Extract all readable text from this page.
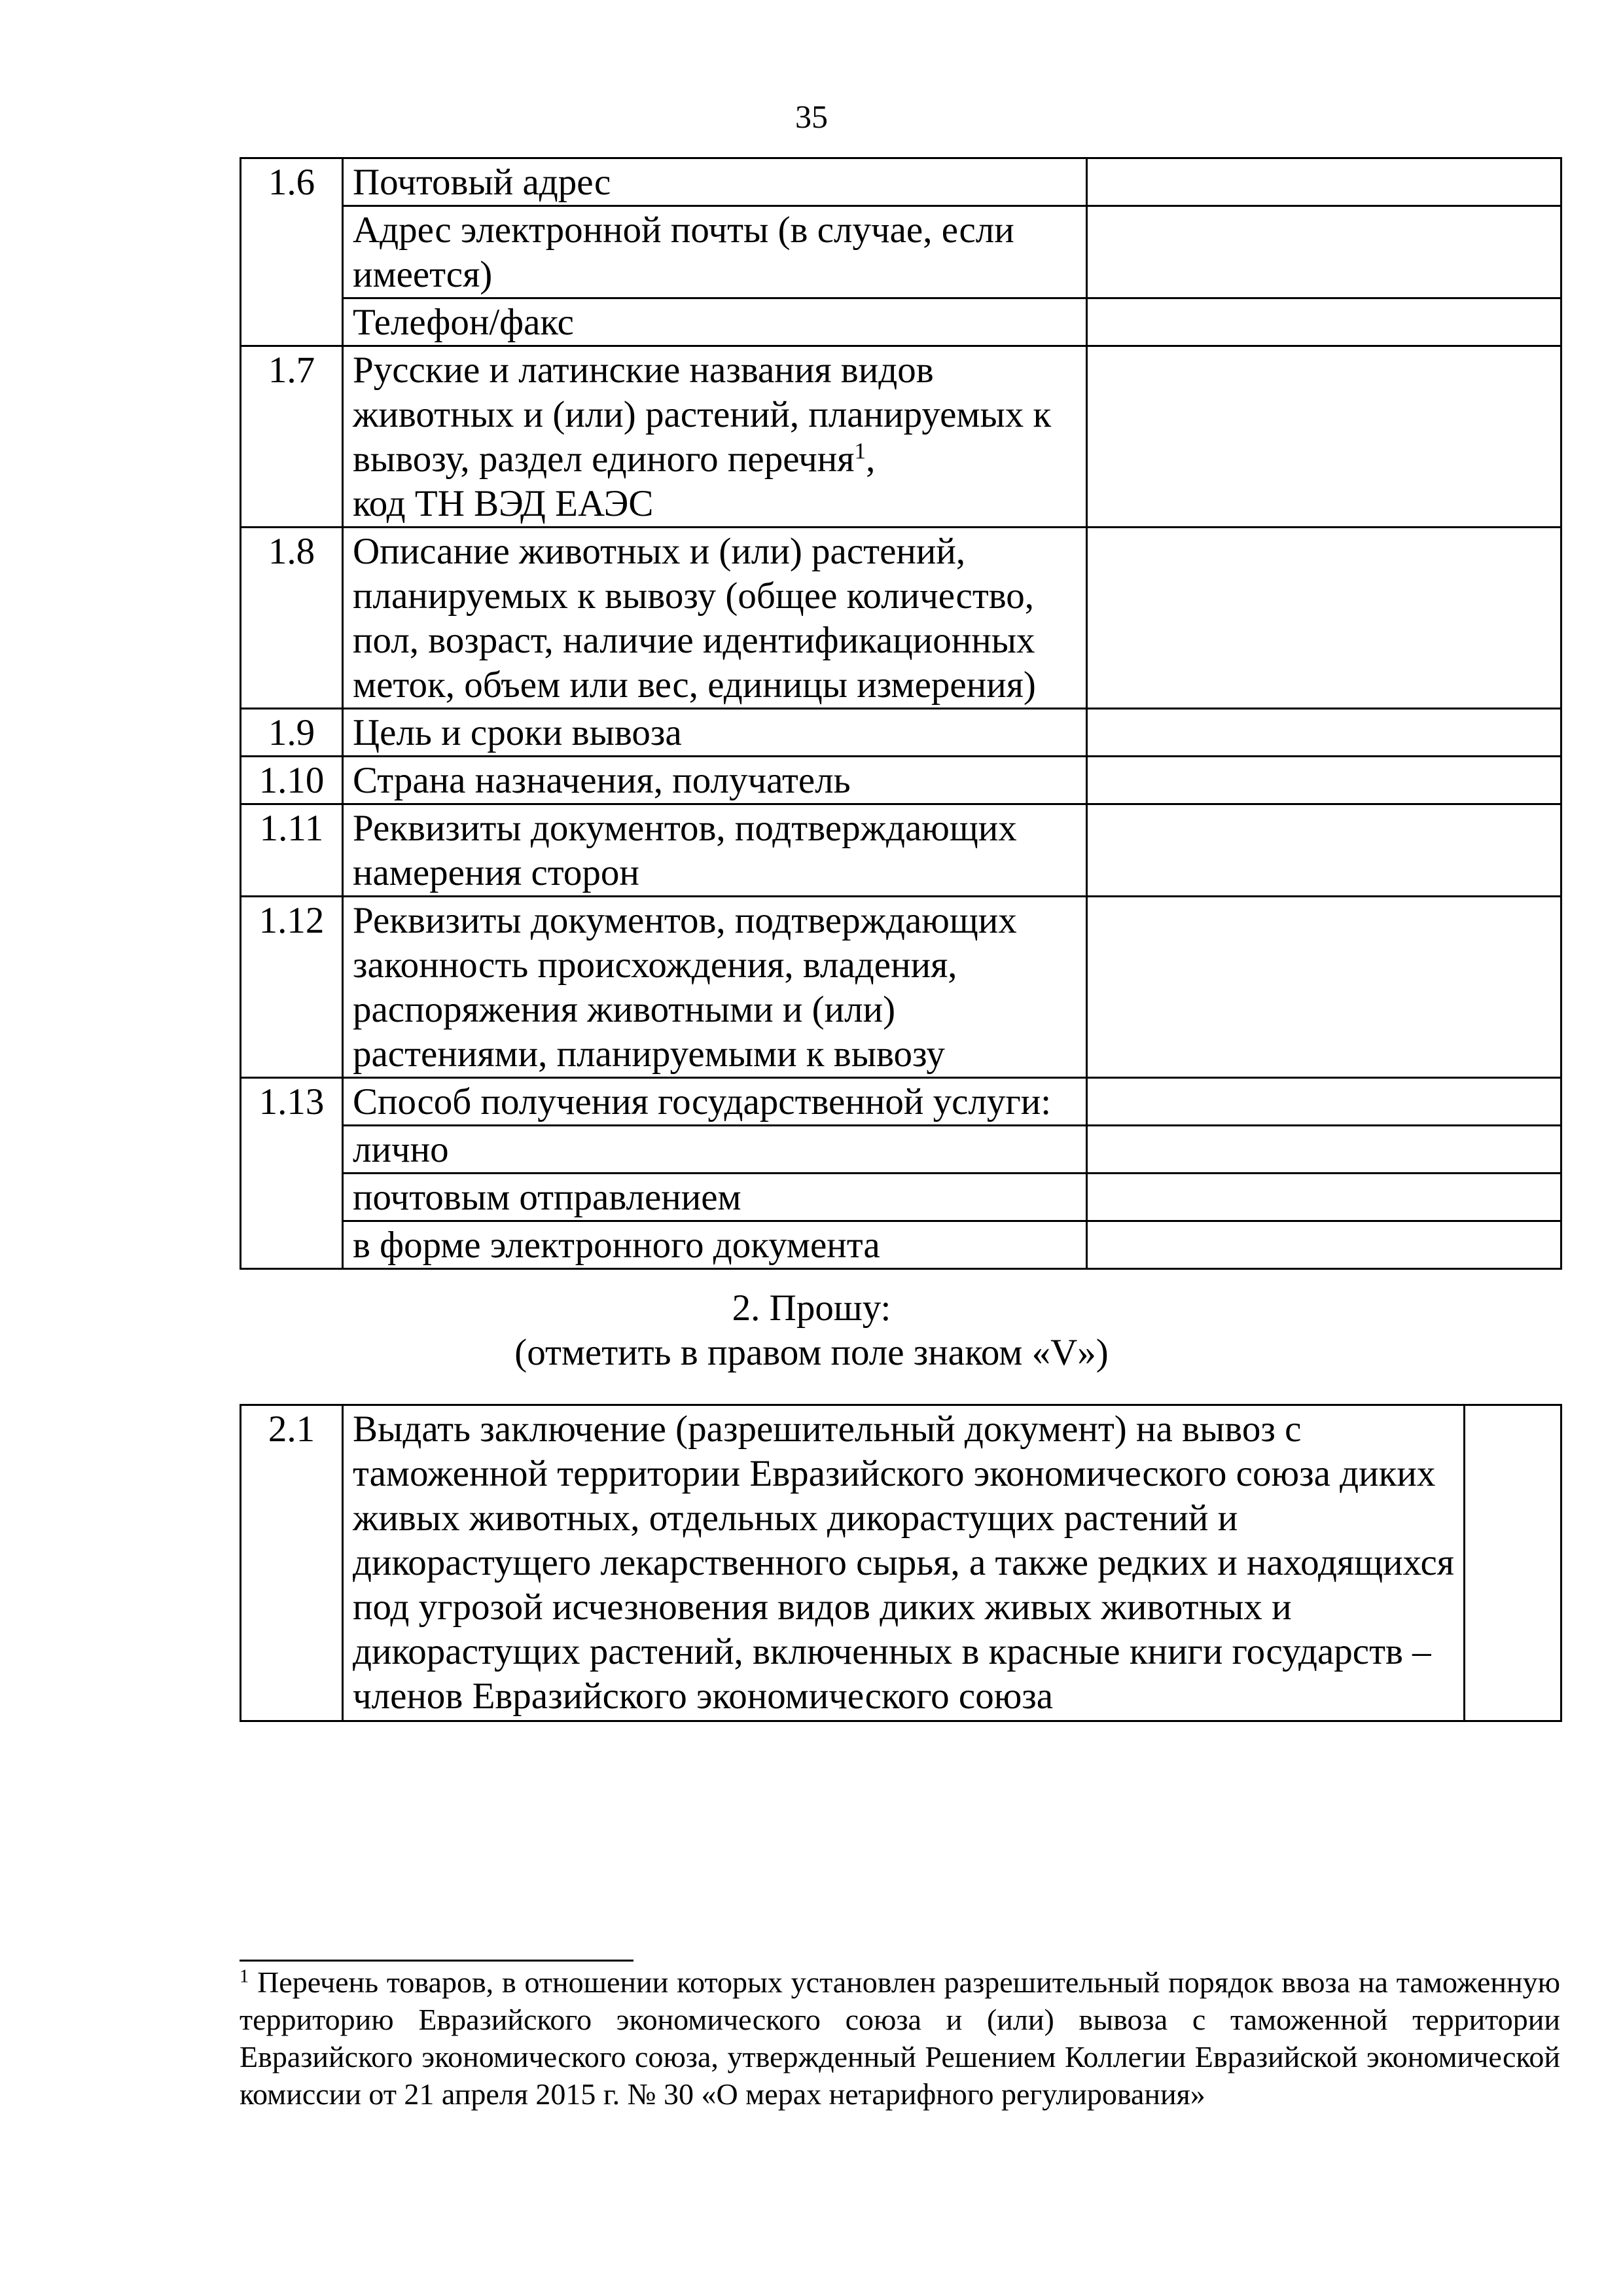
35
1.6	Почтовый адрес	
	Адрес электронной почты (в случае, если имеется)	
	Телефон/факс	
1.7	Русские и латинские названия видов животных и (или) растений, планируемых к вывозу, раздел единого перечня$^1$,
код ТН ВЭД ЕАЭС	
1.8	Описание животных и (или) растений, планируемых к вывозу (общее количество, пол, возраст, наличие идентификационных меток, объем или вес, единицы измерения)	
1.9	Цель и сроки вывоза	
1.10	Страна назначения, получатель	
1.11	Реквизиты документов, подтверждающих намерения сторон	
1.12	Реквизиты документов, подтверждающих законность происхождения, владения, распоряжения животными и (или) растениями, планируемыми к вывозу	
1.13	Способ получения государственной услуги:	
	лично	
	почтовым отправлением	
	в форме электронного документа	
2. Прошу:
(отметить в правом поле знаком «V»)
2.1	Выдать заключение (разрешительный документ) на вывоз с таможенной территории Евразийского экономического союза диких живых животных, отдельных дикорастущих растений и дикорастущего лекарственного сырья, а также редких и находящихся под угрозой исчезновения видов диких живых животных и дикорастущих растений, включенных в красные книги государств – членов Евразийского экономического союза	
$^1$ Перечень товаров, в отношении которых установлен разрешительный порядок ввоза на таможенную территорию Евразийского экономического союза и (или) вывоза с таможенной территории Евразийского экономического союза, утвержденный Решением Коллегии Евразийской экономической комиссии от 21 апреля 2015 г. № 30 «О мерах нетарифного регулирования»
